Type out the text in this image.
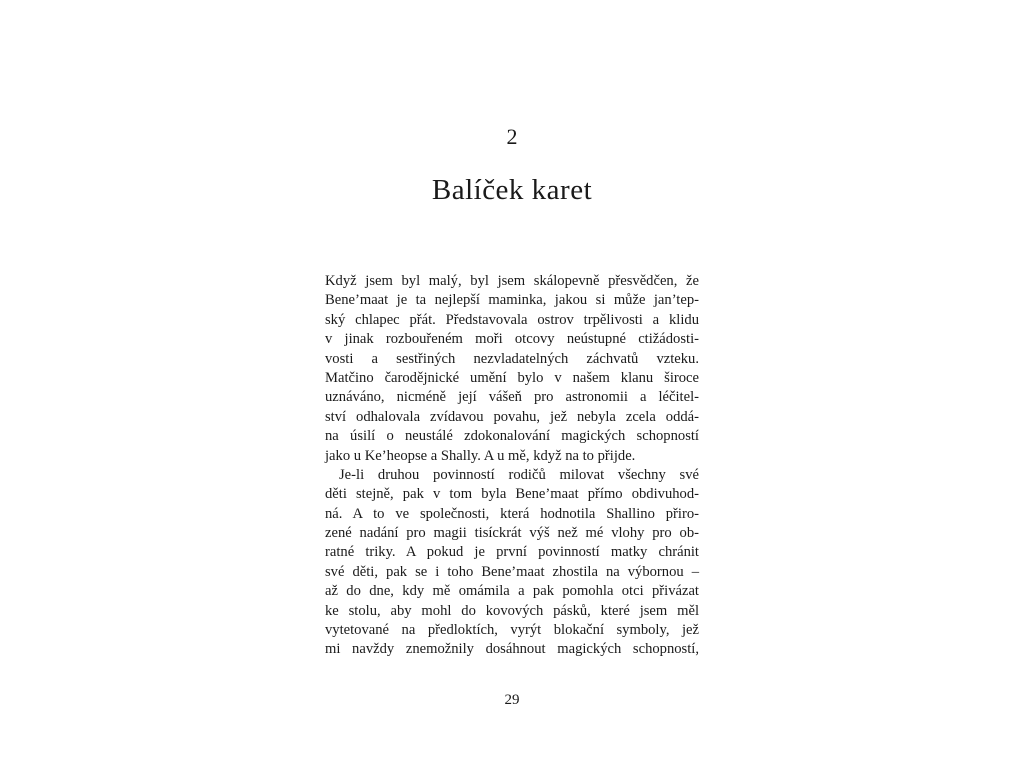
2
Balíček karet
Když jsem byl malý, byl jsem skálopevně přesvědčen, že
Bene’maat je ta nejlepší maminka, jakou si může jan’tep-
ský chlapec přát. Představovala ostrov trpělivosti a klidu
v jinak rozbouřeném moři otcovy neústupné ctižádosti-
vosti a sestřiných nezvladatelných záchvatů vzteku.
Matčino čarodějnické umění bylo v našem klanu široce
uznáváno, nicméně její vášeň pro astronomii a léčitel-
ství odhalovala zvídavou povahu, jež nebyla zcela oddá-
na úsilí o neustálé zdokonalování magických schopností
jako u Ke’heopse a Shally. A u mě, když na to přijde.
Je-li druhou povinností rodičů milovat všechny své
děti stejně, pak v tom byla Bene’maat přímo obdivuhod-
ná. A to ve společnosti, která hodnotila Shallino přiro-
zené nadání pro magii tisíckrát výš než mé vlohy pro ob-
ratné triky. A pokud je první povinností matky chránit
své děti, pak se i toho Bene’maat zhostila na výbornou –
až do dne, kdy mě omámila a pak pomohla otci přivázat
ke stolu, aby mohl do kovových pásků, které jsem měl
vytetované na předloktích, vyrýt blokační symboly, jež
mi navždy znemožnily dosáhnout magických schopností,
29
